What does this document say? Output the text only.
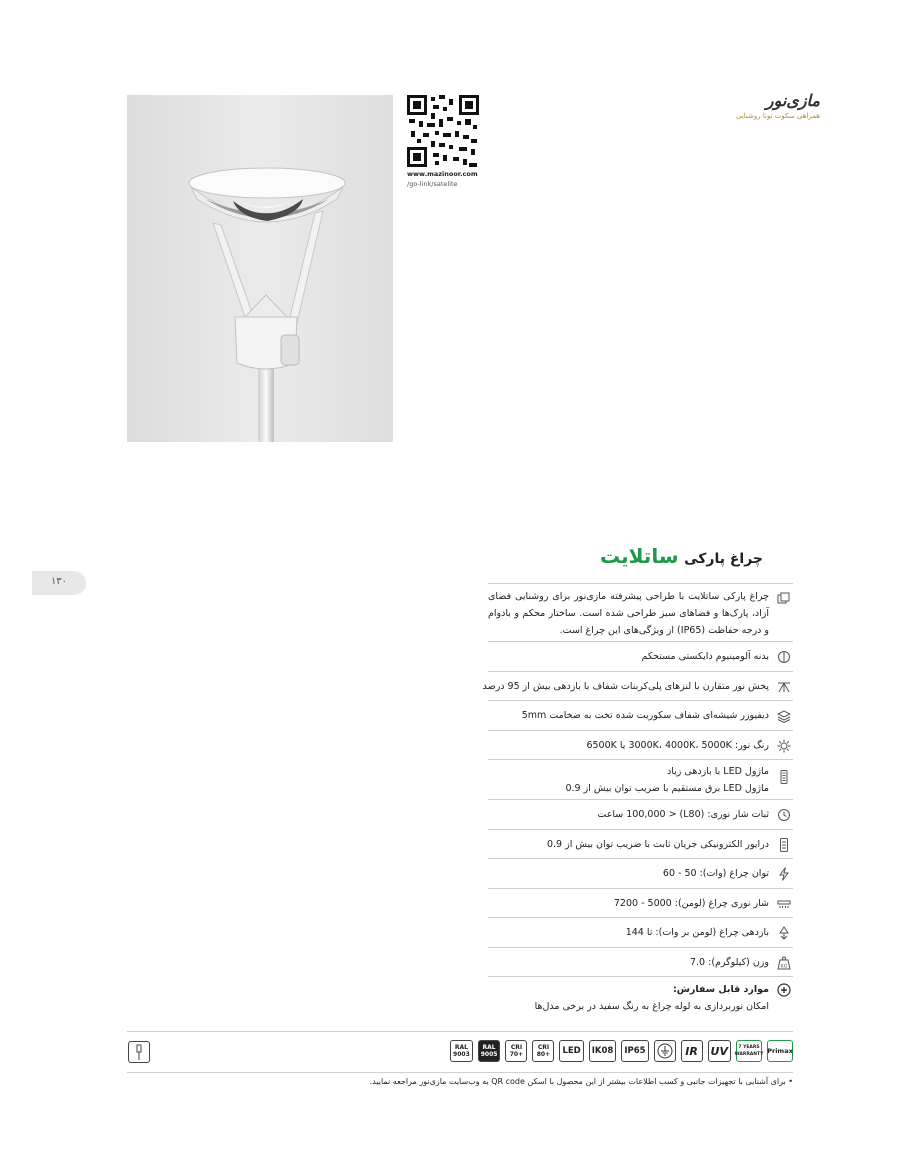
www.mazinoor.com
/go-link/satelite
مازی‌نور
همراهی سکوت تونا روشنایی
۱۳۰
چراغ پارکی ساتلایت
چراغ پارکی ساتلایت با طراحی پیشرفته مازی‌نور برای روشنایی فضای آزاد، پارک‌ها و فضاهای سبز طراحی شده است. ساختار محکم و بادوام و درجه حفاظت (IP65) از ویژگی‌های این چراغ است.
بدنه آلومینیوم دایکستی مستحکم
پخش نور متقارن با لنزهای پلی‌کربنات شفاف با بازدهی بیش از 95 درصد
دیفیوزر شیشه‌ای شفاف سکوریت شده تخت به ضخامت 5mm
رنگ نور: 3000K، 4000K، 5000K یا 6500K
ماژول LED با بازدهی زیاد
ماژول LED برق مستقیم با ضریب توان بیش از 0.9
ثبات شار نوری: (L80) < 100,000 ساعت
درایور الکترونیکی جریان ثابت با ضریب توان بیش از 0.9
توان چراغ (وات): 50 - 60
شار نوری چراغ (لومن): 5000 - 7200
بازدهی چراغ (لومن بر وات): تا 144
KG
وزن (کیلوگرم): 7.0
موارد قابل سفارش:
امکان نوربردازی به لوله چراغ به رنگ سفید در برخی مدل‌ها
Primax
7 YEARS
WARRANTY
UV
IR
IP65
IK08
LED
CRI
80+
CRI
70+
RAL
9005
RAL
9003
• برای آشنایی با تجهیزات جانبی و کسب اطلاعات بیشتر از این محصول با اسکن QR code به وب‌سایت مازی‌نور مراجعه نمایید.
